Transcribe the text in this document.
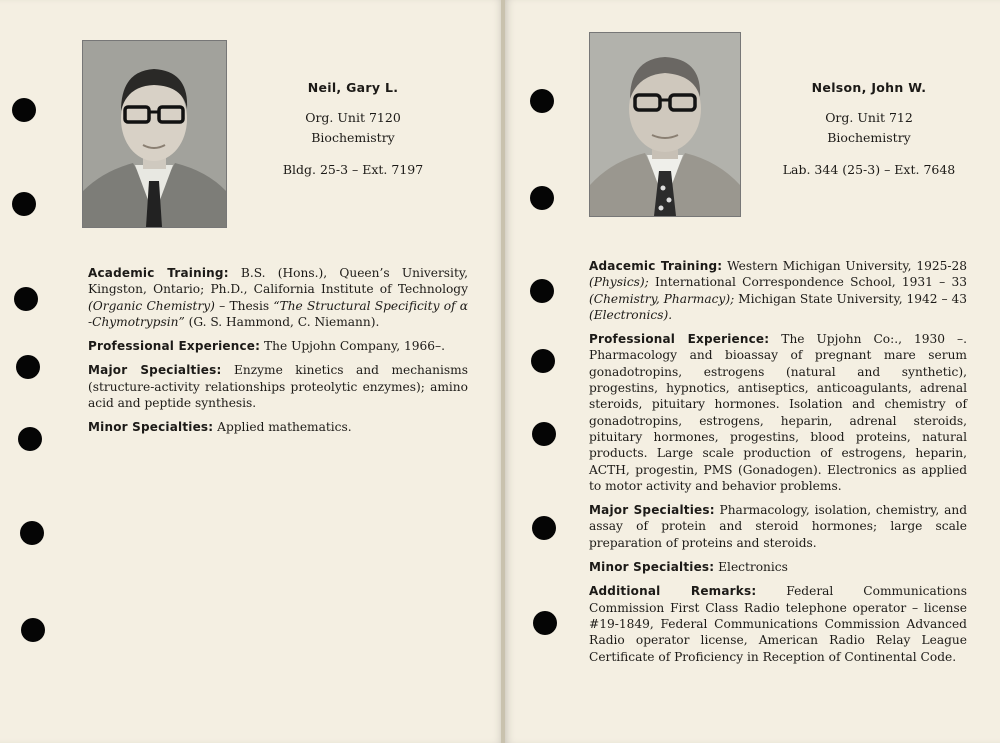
Neil, Gary L.
Org. Unit 7120
Biochemistry
Bldg. 25-3 – Ext. 7197

Academic Training: B.S. (Hons.), Queen’s University, Kingston, Ontario; Ph.D., California Institute of Technology (Organic Chemistry) – Thesis “The Structural Specificity of α -Chymotrypsin” (G. S. Hammond, C. Niemann).

Professional Experience: The Upjohn Company, 1966–.

Major Specialties: Enzyme kinetics and mechanisms (structure-activity relationships proteolytic enzymes); amino acid and peptide synthesis.

Minor Specialties: Applied mathematics.

Nelson, John W.
Org. Unit 712
Biochemistry
Lab. 344 (25-3) – Ext. 7648

Adacemic Training: Western Michigan University, 1925-28 (Physics); International Correspondence School, 1931 – 33 (Chemistry, Pharmacy); Michigan State University, 1942 – 43 (Electronics).

Professional Experience: The Upjohn Co:., 1930 –. Pharmacology and bioassay of pregnant mare serum gonadotropins, estrogens (natural and synthetic), progestins, hypnotics, antiseptics, anticoagulants, adrenal steroids, pituitary hormones. Isolation and chemistry of gonadotropins, estrogens, heparin, adrenal steroids, pituitary hormones, progestins, blood proteins, natural products. Large scale production of estrogens, heparin, ACTH, progestin, PMS (Gonadogen). Electronics as applied to motor activity and behavior problems.

Major Specialties: Pharmacology, isolation, chemistry, and assay of protein and steroid hormones; large scale preparation of proteins and steroids.

Minor Specialties: Electronics

Additional Remarks: Federal Communications Commission First Class Radio telephone operator – license #19-1849, Federal Communications Commission Advanced Radio operator license, American Radio Relay League Certificate of Proficiency in Reception of Continental Code.
